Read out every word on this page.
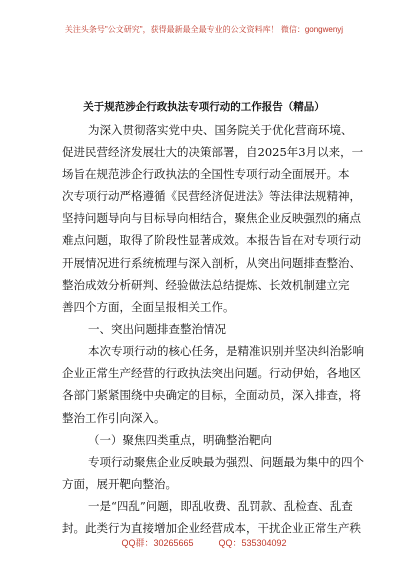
关注头条号"公文研究"，获得最新最全最专业的公文资料库！ 微信：gongwenyj
关于规范涉企行政执法专项行动的工作报告（精品）
为深入贯彻落实党中央、国务院关于优化营商环境、
促进民营经济发展壮大的决策部署，自2025年3月以来，一
场旨在规范涉企行政执法的全国性专项行动全面展开。本
次专项行动严格遵循《民营经济促进法》等法律法规精神，
坚持问题导向与目标导向相结合，聚焦企业反映强烈的痛点
难点问题，取得了阶段性显著成效。本报告旨在对专项行动
开展情况进行系统梳理与深入剖析，从突出问题排查整治、
整治成效分析研判、经验做法总结提炼、长效机制建立完
善四个方面，全面呈报相关工作。
一、突出问题排查整治情况
本次专项行动的核心任务，是精准识别并坚决纠治影响
企业正常生产经营的行政执法突出问题。行动伊始，各地区
各部门紧紧围绕中央确定的目标，全面动员，深入排查，将
整治工作引向深入。
（一）聚焦四类重点，明确整治靶向
专项行动聚焦企业反映最为强烈、问题最为集中的四个
方面，展开靶向整治。
一是“四乱”问题，即乱收费、乱罚款、乱检查、乱查
封。此类行为直接增加企业经营成本，干扰企业正常生产秩
QQ群：30265665          QQ：535304092
